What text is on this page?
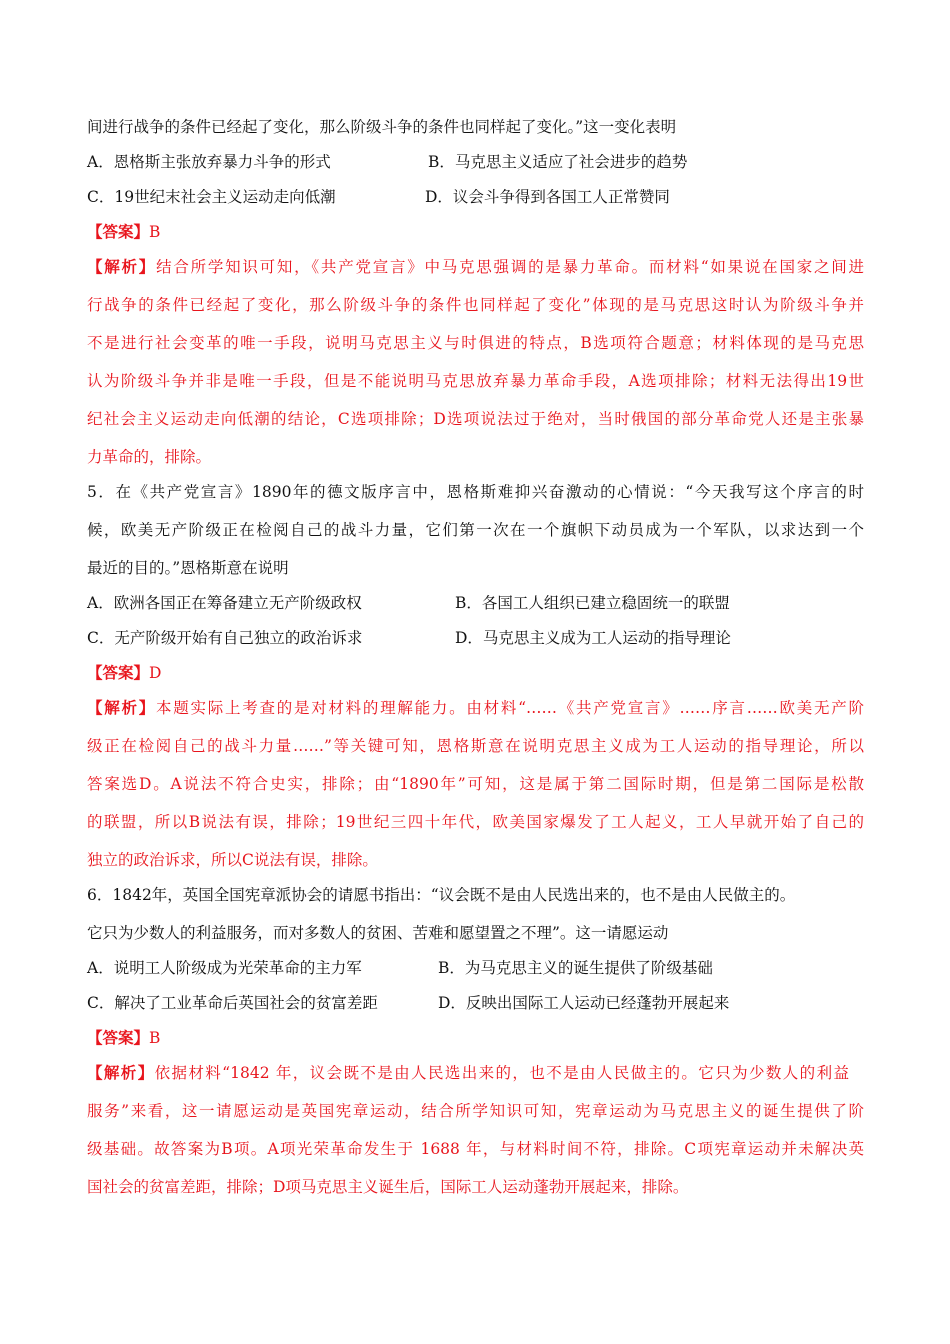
间进行战争的条件已经起了变化，那么阶级斗争的条件也同样起了变化。”这一变化表明
A．恩格斯主张放弃暴力斗争的形式	B．马克思主义适应了社会进步的趋势
C．19世纪末社会主义运动走向低潮	D．议会斗争得到各国工人正常赞同
【答案】B
【解析】结合所学知识可知，《共产党宣言》中马克思强调的是暴力革命。而材料“如果说在国家之间进
行战争的条件已经起了变化，那么阶级斗争的条件也同样起了变化”体现的是马克思这时认为阶级斗争并
不是进行社会变革的唯一手段，说明马克思主义与时俱进的特点，B选项符合题意；材料体现的是马克思
认为阶级斗争并非是唯一手段，但是不能说明马克思放弃暴力革命手段，A选项排除；材料无法得出19世
纪社会主义运动走向低潮的结论，C选项排除；D选项说法过于绝对，当时俄国的部分革命党人还是主张暴
力革命的，排除。
5．在《共产党宣言》1890年的德文版序言中，恩格斯难抑兴奋激动的心情说：“今天我写这个序言的时
候，欧美无产阶级正在检阅自己的战斗力量，它们第一次在一个旗帜下动员成为一个军队，以求达到一个
最近的目的。”恩格斯意在说明
A．欧洲各国正在筹备建立无产阶级政权	B．各国工人组织已建立稳固统一的联盟
C．无产阶级开始有自己独立的政治诉求	D．马克思主义成为工人运动的指导理论
【答案】D
【解析】本题实际上考查的是对材料的理解能力。由材料“……《共产党宣言》……序言……欧美无产阶
级正在检阅自己的战斗力量……”等关键可知，恩格斯意在说明克思主义成为工人运动的指导理论，所以
答案选D。A说法不符合史实，排除；由“1890年”可知，这是属于第二国际时期，但是第二国际是松散
的联盟，所以B说法有误，排除；19世纪三四十年代，欧美国家爆发了工人起义，工人早就开始了自己的
独立的政治诉求，所以C说法有误，排除。
6．1842年，英国全国宪章派协会的请愿书指出：“议会既不是由人民选出来的，也不是由人民做主的。
它只为少数人的利益服务，而对多数人的贫困、苦难和愿望置之不理”。这一请愿运动
A．说明工人阶级成为光荣革命的主力军	B．为马克思主义的诞生提供了阶级基础
C．解决了工业革命后英国社会的贫富差距	D．反映出国际工人运动已经蓬勃开展起来
【答案】B
【解析】依据材料“1842 年，议会既不是由人民选出来的，也不是由人民做主的。它只为少数人的利益
服务”来看，这一请愿运动是英国宪章运动，结合所学知识可知，宪章运动为马克思主义的诞生提供了阶
级基础。故答案为B项。A项光荣革命发生于 1688 年，与材料时间不符，排除。C项宪章运动并未解决英
国社会的贫富差距，排除；D项马克思主义诞生后，国际工人运动蓬勃开展起来，排除。
